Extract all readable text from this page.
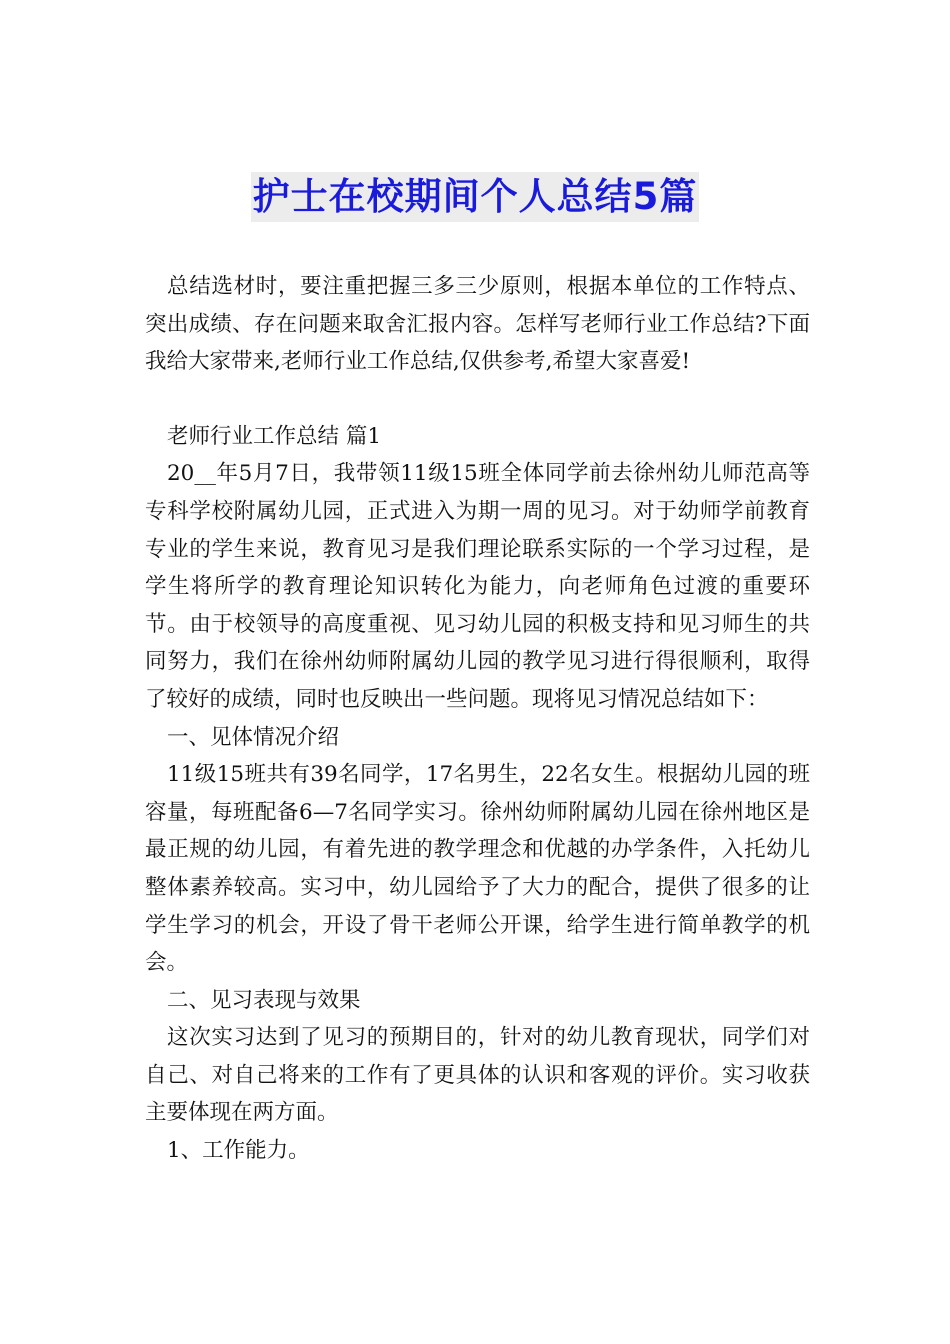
护士在校期间个人总结5篇

总结选材时，要注重把握三多三少原则，根据本单位的工作特点、突出成绩、存在问题来取舍汇报内容。怎样写老师行业工作总结?下面我给大家带来,老师行业工作总结,仅供参考,希望大家喜爱!

老师行业工作总结 篇1

20__年5月7日，我带领11级15班全体同学前去徐州幼儿师范高等专科学校附属幼儿园，正式进入为期一周的见习。对于幼师学前教育专业的学生来说，教育见习是我们理论联系实际的一个学习过程，是学生将所学的教育理论知识转化为能力，向老师角色过渡的重要环节。由于校领导的高度重视、见习幼儿园的积极支持和见习师生的共同努力，我们在徐州幼师附属幼儿园的教学见习进行得很顺利，取得了较好的成绩，同时也反映出一些问题。现将见习情况总结如下：

一、见体情况介绍

11级15班共有39名同学，17名男生，22名女生。根据幼儿园的班容量，每班配备6—7名同学实习。徐州幼师附属幼儿园在徐州地区是最正规的幼儿园，有着先进的教学理念和优越的办学条件，入托幼儿整体素养较高。实习中，幼儿园给予了大力的配合，提供了很多的让学生学习的机会，开设了骨干老师公开课，给学生进行简单教学的机会。

二、见习表现与效果

这次实习达到了见习的预期目的，针对的幼儿教育现状，同学们对自己、对自己将来的工作有了更具体的认识和客观的评价。实习收获主要体现在两方面。

1、工作能力。
